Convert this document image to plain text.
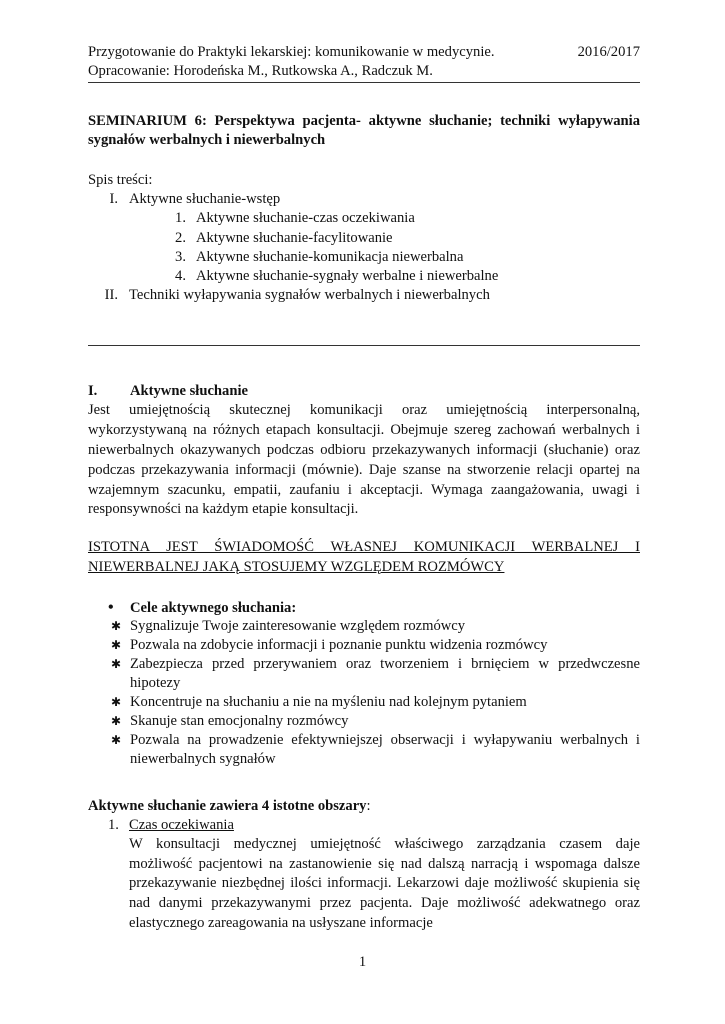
Przygotowanie do Praktyki lekarskiej: komunikowanie w medycynie.	2016/2017
Opracowanie: Horodeńska M., Rutkowska A., Radczuk M.
SEMINARIUM 6: Perspektywa pacjenta- aktywne słuchanie; techniki wyłapywania sygnałów werbalnych i niewerbalnych
Spis treści:
I. Aktywne słuchanie-wstęp
1. Aktywne słuchanie-czas oczekiwania
2. Aktywne słuchanie-facylitowanie
3. Aktywne słuchanie-komunikacja niewerbalna
4. Aktywne słuchanie-sygnały werbalne i niewerbalne
II. Techniki wyłapywania sygnałów werbalnych i niewerbalnych
I. Aktywne słuchanie
Jest umiejętnością skutecznej komunikacji oraz umiejętnością interpersonalną,
wykorzystywaną na różnych etapach konsultacji. Obejmuje szereg zachowań werbalnych i
niewerbalnych okazywanych podczas odbioru przekazywanych informacji (słuchanie) oraz
podczas przekazywania informacji (mównie). Daje szanse na stworzenie relacji opartej na
wzajemnym szacunku, empatii, zaufaniu i akceptacji. Wymaga zaangażowania, uwagi i
responsywności na każdym etapie konsultacji.
ISTOTNA JEST ŚWIADOMOŚĆ WŁASNEJ KOMUNIKACJI WERBALNEJ I
NIEWERBALNEJ JAKĄ STOSUJEMY WZGLĘDEM ROZMÓWCY
• Cele aktywnego słuchania:
✱ Sygnalizuje Twoje zainteresowanie względem rozmówcy
✱ Pozwala na zdobycie informacji i poznanie punktu widzenia rozmówcy
✱ Zabezpiecza przed przerywaniem oraz tworzeniem i brnięciem w przedwczesne
hipotezy
✱ Koncentruje na słuchaniu a nie na myśleniu nad kolejnym pytaniem
✱ Skanuje stan emocjonalny rozmówcy
✱ Pozwala na prowadzenie efektywniejszej obserwacji i wyłapywaniu werbalnych i
niewerbalnych sygnałów
Aktywne słuchanie zawiera 4 istotne obszary:
1. Czas oczekiwania
W konsultacji medycznej umiejętność właściwego zarządzania czasem daje
możliwość pacjentowi na zastanowienie się nad dalszą narracją i wspomaga dalsze
przekazywanie niezbędnej ilości informacji. Lekarzowi daje możliwość skupienia się
nad danymi przekazywanymi przez pacjenta. Daje możliwość adekwatnego oraz
elastycznego zareagowania na usłyszane informacje
1
